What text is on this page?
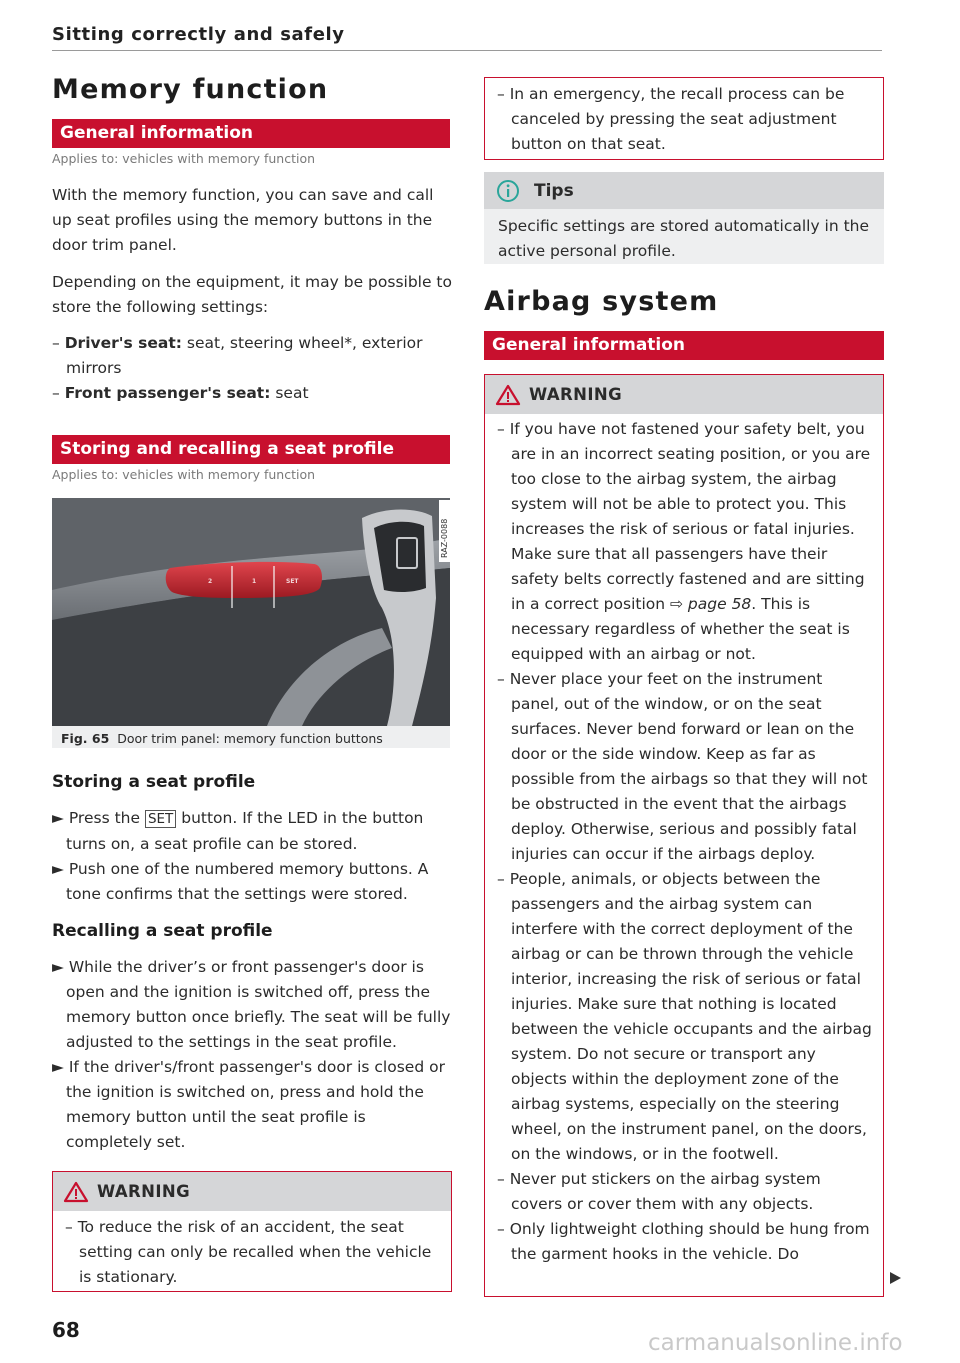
Sitting correctly and safely
Memory function
General information
Applies to: vehicles with memory function

With the memory function, you can save and call up seat profiles using the memory buttons in the door trim panel.

Depending on the equipment, it may be possible to store the following settings:

– Driver's seat: seat, steering wheel*, exterior mirrors

– Front passenger's seat: seat

Storing and recalling a seat profile
Applies to: vehicles with memory function
2	1	SET
RAZ-0088
Fig. 65 Door trim panel: memory function buttons
Storing a seat profile

► Press the SET button. If the LED in the button turns on, a seat profile can be stored.

► Push one of the numbered memory buttons. A tone confirms that the settings were stored.

Recalling a seat profile

► While the driver’s or front passenger's door is open and the ignition is switched off, press the memory button once briefly. The seat will be fully adjusted to the settings in the seat profile.

► If the driver's/front passenger's door is closed or the ignition is switched on, press and hold the memory button until the seat profile is completely set.

WARNING

– To reduce the risk of an accident, the seat setting can only be recalled when the vehicle is stationary.

68

– In an emergency, the recall process can be canceled by pressing the seat adjustment button on that seat.

Tips
Specific settings are stored automatically in the active personal profile.
Airbag system
General information
WARNING

– If you have not fastened your safety belt, you are in an incorrect seating position, or you are too close to the airbag system, the airbag system will not be able to protect you. This increases the risk of serious or fatal injuries. Make sure that all passengers have their safety belts correctly fastened and are sitting in a correct position ⇨ page 58. This is necessary regardless of whether the seat is equipped with an airbag or not.

– Never place your feet on the instrument panel, out of the window, or on the seat surfaces. Never bend forward or lean on the door or the side window. Keep as far as possible from the airbags so that they will not be obstructed in the event that the airbags deploy. Otherwise, serious and possibly fatal injuries can occur if the airbags deploy.

– People, animals, or objects between the passengers and the airbag system can interfere with the correct deployment of the airbag or can be thrown through the vehicle interior, increasing the risk of serious or fatal injuries. Make sure that nothing is located between the vehicle occupants and the airbag system. Do not secure or transport any objects within the deployment zone of the airbag systems, especially on the steering wheel, on the instrument panel, on the doors, on the windows, or in the footwell.

– Never put stickers on the airbag system covers or cover them with any objects.

– Only lightweight clothing should be hung from the garment hooks in the vehicle. Do

carmanualsonline.info
